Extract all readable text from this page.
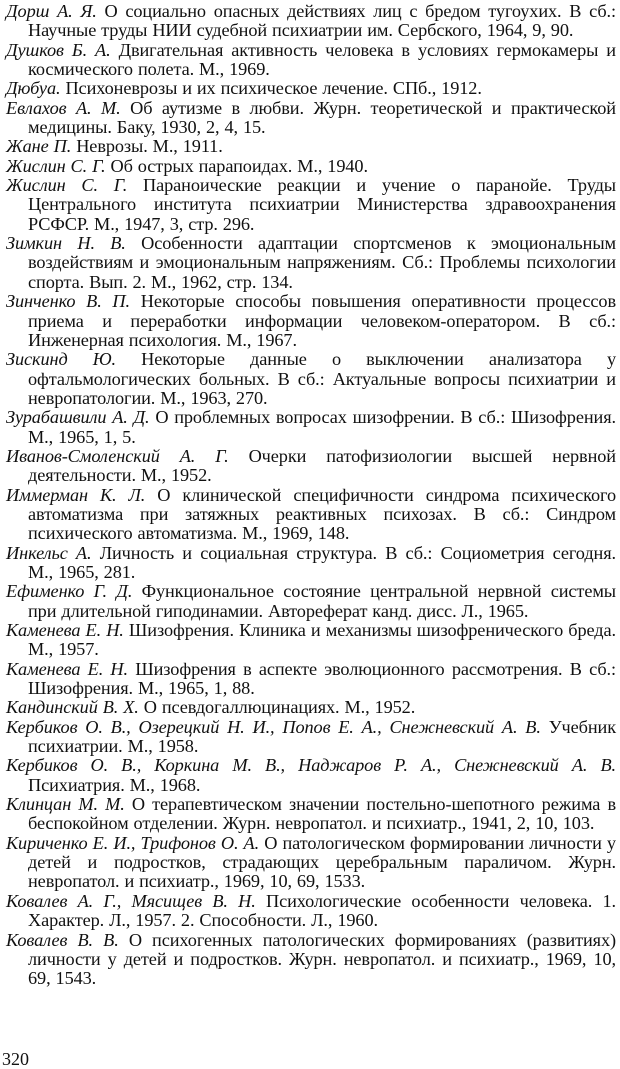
Дорш А. Я. О социально опасных действиях лиц с бредом тугоухих. В сб.: Научные труды НИИ судебной психиатрии им. Сербского, 1964, 9, 90.

Душков Б. А. Двигательная активность человека в условиях гермокамеры и космического полета. М., 1969.

Дюбуа. Психоневрозы и их психическое лечение. СПб., 1912.

Евлахов А. М. Об аутизме в любви. Журн. теоретической и практической медицины. Баку, 1930, 2, 4, 15.

Жане П. Неврозы. М., 1911.

Жислин С. Г. Об острых парапоидах. М., 1940.

Жислин С. Г. Параноические реакции и учение о паранойе. Труды Центрального института психиатрии Министерства здравоохранения РСФСР. М., 1947, 3, стр. 296.

Зимкин Н. В. Особенности адаптации спортсменов к эмоциональным воздействиям и эмоциональным напряжениям. Сб.: Проблемы психологии спорта. Вып. 2. М., 1962, стр. 134.

Зинченко В. П. Некоторые способы повышения оперативности процессов приема и переработки информации человеком-оператором. В сб.: Инженерная психология. М., 1967.

Зискинд Ю. Некоторые данные о выключении анализатора у офтальмологических больных. В сб.: Актуальные вопросы психиатрии и невропатологии. М., 1963, 270.

Зурабашвили А. Д. О проблемных вопросах шизофрении. В сб.: Шизофрения. М., 1965, 1, 5.

Иванов-Смоленский А. Г. Очерки патофизиологии высшей нервной деятельности. М., 1952.

Иммерман К. Л. О клинической специфичности синдрома психического автоматизма при затяжных реактивных психозах. В сб.: Синдром психического автоматизма. М., 1969, 148.

Инкельс А. Личность и социальная структура. В сб.: Социометрия сегодня. М., 1965, 281.

Ефименко Г. Д. Функциональное состояние центральной нервной системы при длительной гиподинамии. Автореферат канд. дисс. Л., 1965.

Каменева Е. Н. Шизофрения. Клиника и механизмы шизофренического бреда. М., 1957.

Каменева Е. Н. Шизофрения в аспекте эволюционного рассмотрения. В сб.: Шизофрения. М., 1965, 1, 88.

Кандинский В. Х. О псевдогаллюцинациях. М., 1952.

Кербиков О. В., Озерецкий Н. И., Попов Е. А., Снежневский А. В. Учебник психиатрии. М., 1958.

Кербиков О. В., Коркина М. В., Наджаров Р. А., Снежневский А. В. Психиатрия. М., 1968.

Клинцан М. М. О терапевтическом значении постельно-шепотного режима в беспокойном отделении. Журн. невропатол. и психиатр., 1941, 2, 10, 103.

Кириченко Е. И., Трифонов О. А. О патологическом формировании личности у детей и подростков, страдающих церебральным параличом. Журн. невропатол. и психиатр., 1969, 10, 69, 1533.

Ковалев А. Г., Мясищев В. Н. Психологические особенности человека. 1. Характер. Л., 1957. 2. Способности. Л., 1960.

Ковалев В. В. О психогенных патологических формированиях (развитиях) личности у детей и подростков. Журн. невропатол. и психиатр., 1969, 10, 69, 1543.

320
